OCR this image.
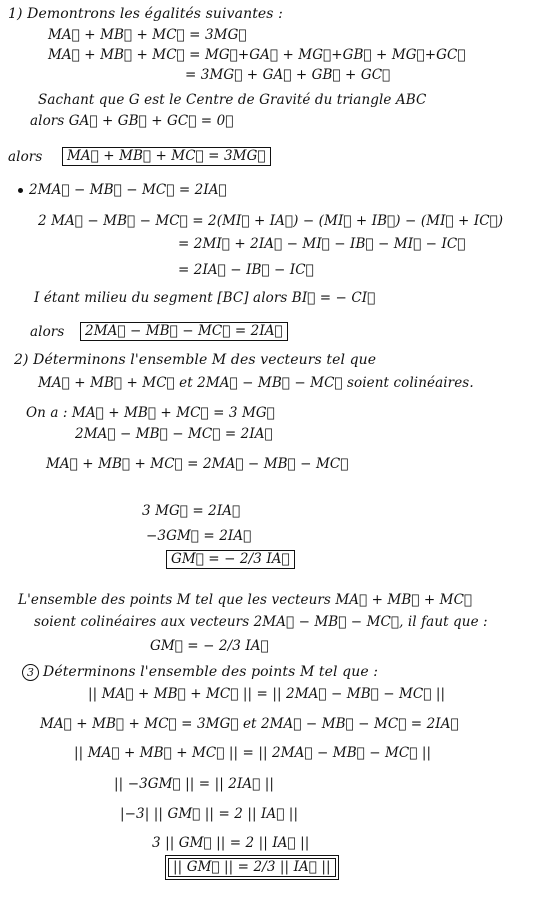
1) Demontrons les égalités suivantes :
MA⃗ + MB⃗ + MC⃗ = 3MG⃗
MA⃗ + MB⃗ + MC⃗ = MG⃗+GA⃗ + MG⃗+GB⃗ + MG⃗+GC⃗
= 3MG⃗ + GA⃗ + GB⃗ + GC⃗
Sachant que G est le Centre de Gravité du triangle ABC
alors GA⃗ + GB⃗ + GC⃗ = 0⃗
alors	MA⃗ + MB⃗ + MC⃗ = 3MG⃗
2MA⃗ − MB⃗ − MC⃗ = 2IA⃗
2 MA⃗ − MB⃗ − MC⃗ = 2(MI⃗ + IA⃗) − (MI⃗ + IB⃗) − (MI⃗ + IC⃗)
= 2MI⃗ + 2IA⃗ − MI⃗ − IB⃗ − MI⃗ − IC⃗
= 2IA⃗ − IB⃗ − IC⃗
I étant milieu du segment [BC] alors BI⃗ = − CI⃗
alors	2MA⃗ − MB⃗ − MC⃗ = 2IA⃗
2) Déterminons l'ensemble M des vecteurs tel que
MA⃗ + MB⃗ + MC⃗ et 2MA⃗ − MB⃗ − MC⃗ soient colinéaires.
On a : MA⃗ + MB⃗ + MC⃗ = 3 MG⃗
2MA⃗ − MB⃗ − MC⃗ = 2IA⃗
MA⃗ + MB⃗ + MC⃗ = 2MA⃗ − MB⃗ − MC⃗
3 MG⃗ = 2IA⃗
−3GM⃗ = 2IA⃗
GM⃗ = − 2/3 IA⃗
L'ensemble des points M tel que les vecteurs MA⃗ + MB⃗ + MC⃗
soient colinéaires aux vecteurs 2MA⃗ − MB⃗ − MC⃗, il faut que :
GM⃗ = − 2/3 IA⃗
3 Déterminons l'ensemble des points M tel que :
|| MA⃗ + MB⃗ + MC⃗ || = || 2MA⃗ − MB⃗ − MC⃗ ||
MA⃗ + MB⃗ + MC⃗ = 3MG⃗ et 2MA⃗ − MB⃗ − MC⃗ = 2IA⃗
|| MA⃗ + MB⃗ + MC⃗ || = || 2MA⃗ − MB⃗ − MC⃗ ||
|| −3GM⃗ || = || 2IA⃗ ||
|−3| || GM⃗ || = 2 || IA⃗ ||
3 || GM⃗ || = 2 || IA⃗ ||
|| GM⃗ || = 2/3 || IA⃗ ||
